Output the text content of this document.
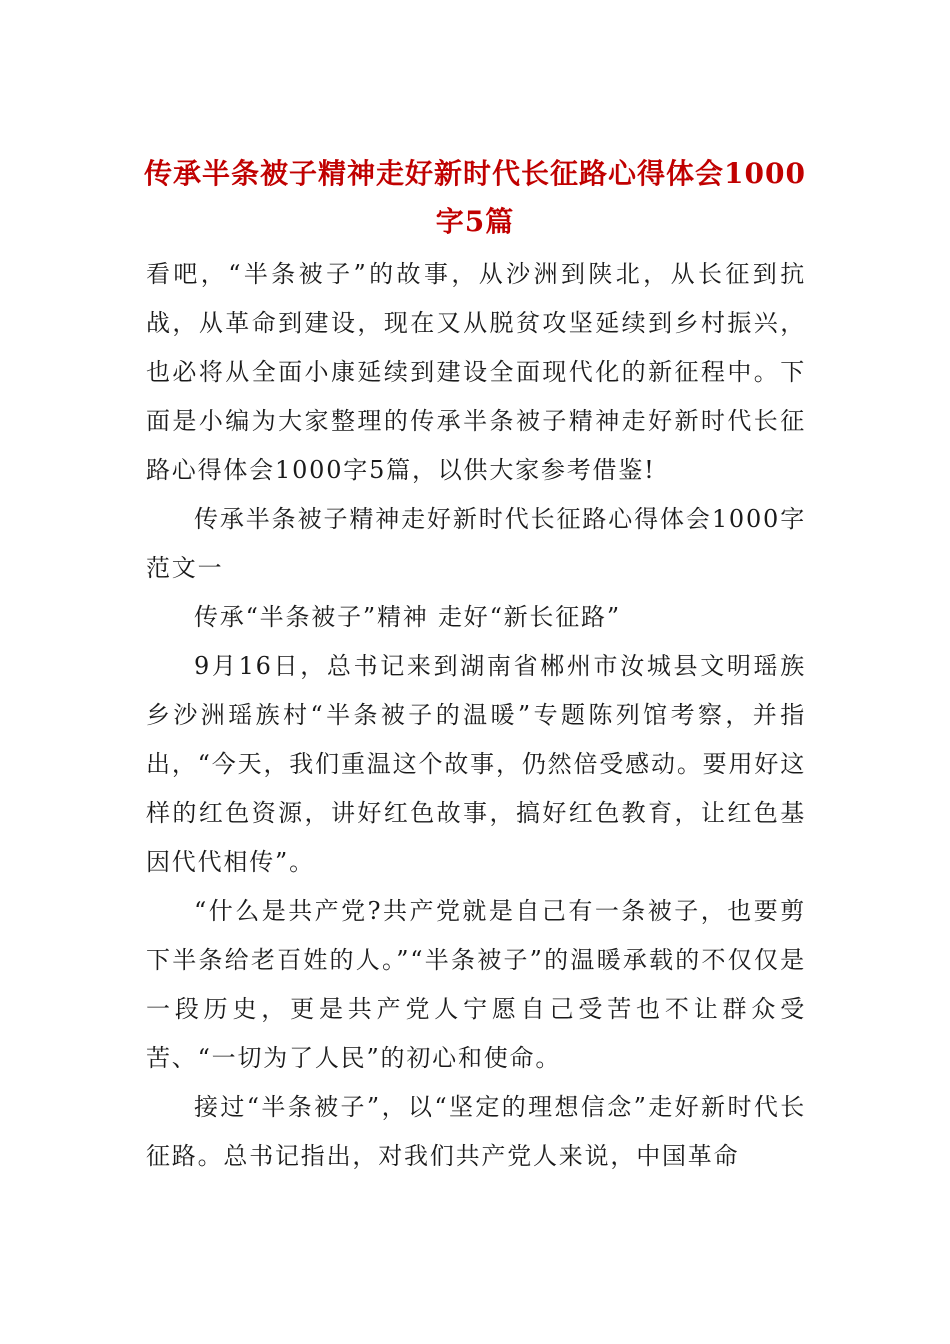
传承半条被子精神走好新时代长征路心得体会1000字5篇

看吧，“半条被子”的故事，从沙洲到陕北，从长征到抗战，从革命到建设，现在又从脱贫攻坚延续到乡村振兴，也必将从全面小康延续到建设全面现代化的新征程中。下面是小编为大家整理的传承半条被子精神走好新时代长征路心得体会1000字5篇，以供大家参考借鉴!

传承半条被子精神走好新时代长征路心得体会1000字范文一

传承“半条被子”精神 走好“新长征路”

9月16日，总书记来到湖南省郴州市汝城县文明瑶族乡沙洲瑶族村“半条被子的温暖”专题陈列馆考察，并指出，“今天，我们重温这个故事，仍然倍受感动。要用好这样的红色资源，讲好红色故事，搞好红色教育，让红色基因代代相传”。

“什么是共产党?共产党就是自己有一条被子，也要剪下半条给老百姓的人。”“半条被子”的温暖承载的不仅仅是一段历史，更是共产党人宁愿自己受苦也不让群众受苦、“一切为了人民”的初心和使命。

接过“半条被子”，以“坚定的理想信念”走好新时代长征路。总书记指出，对我们共产党人来说，中国革命
